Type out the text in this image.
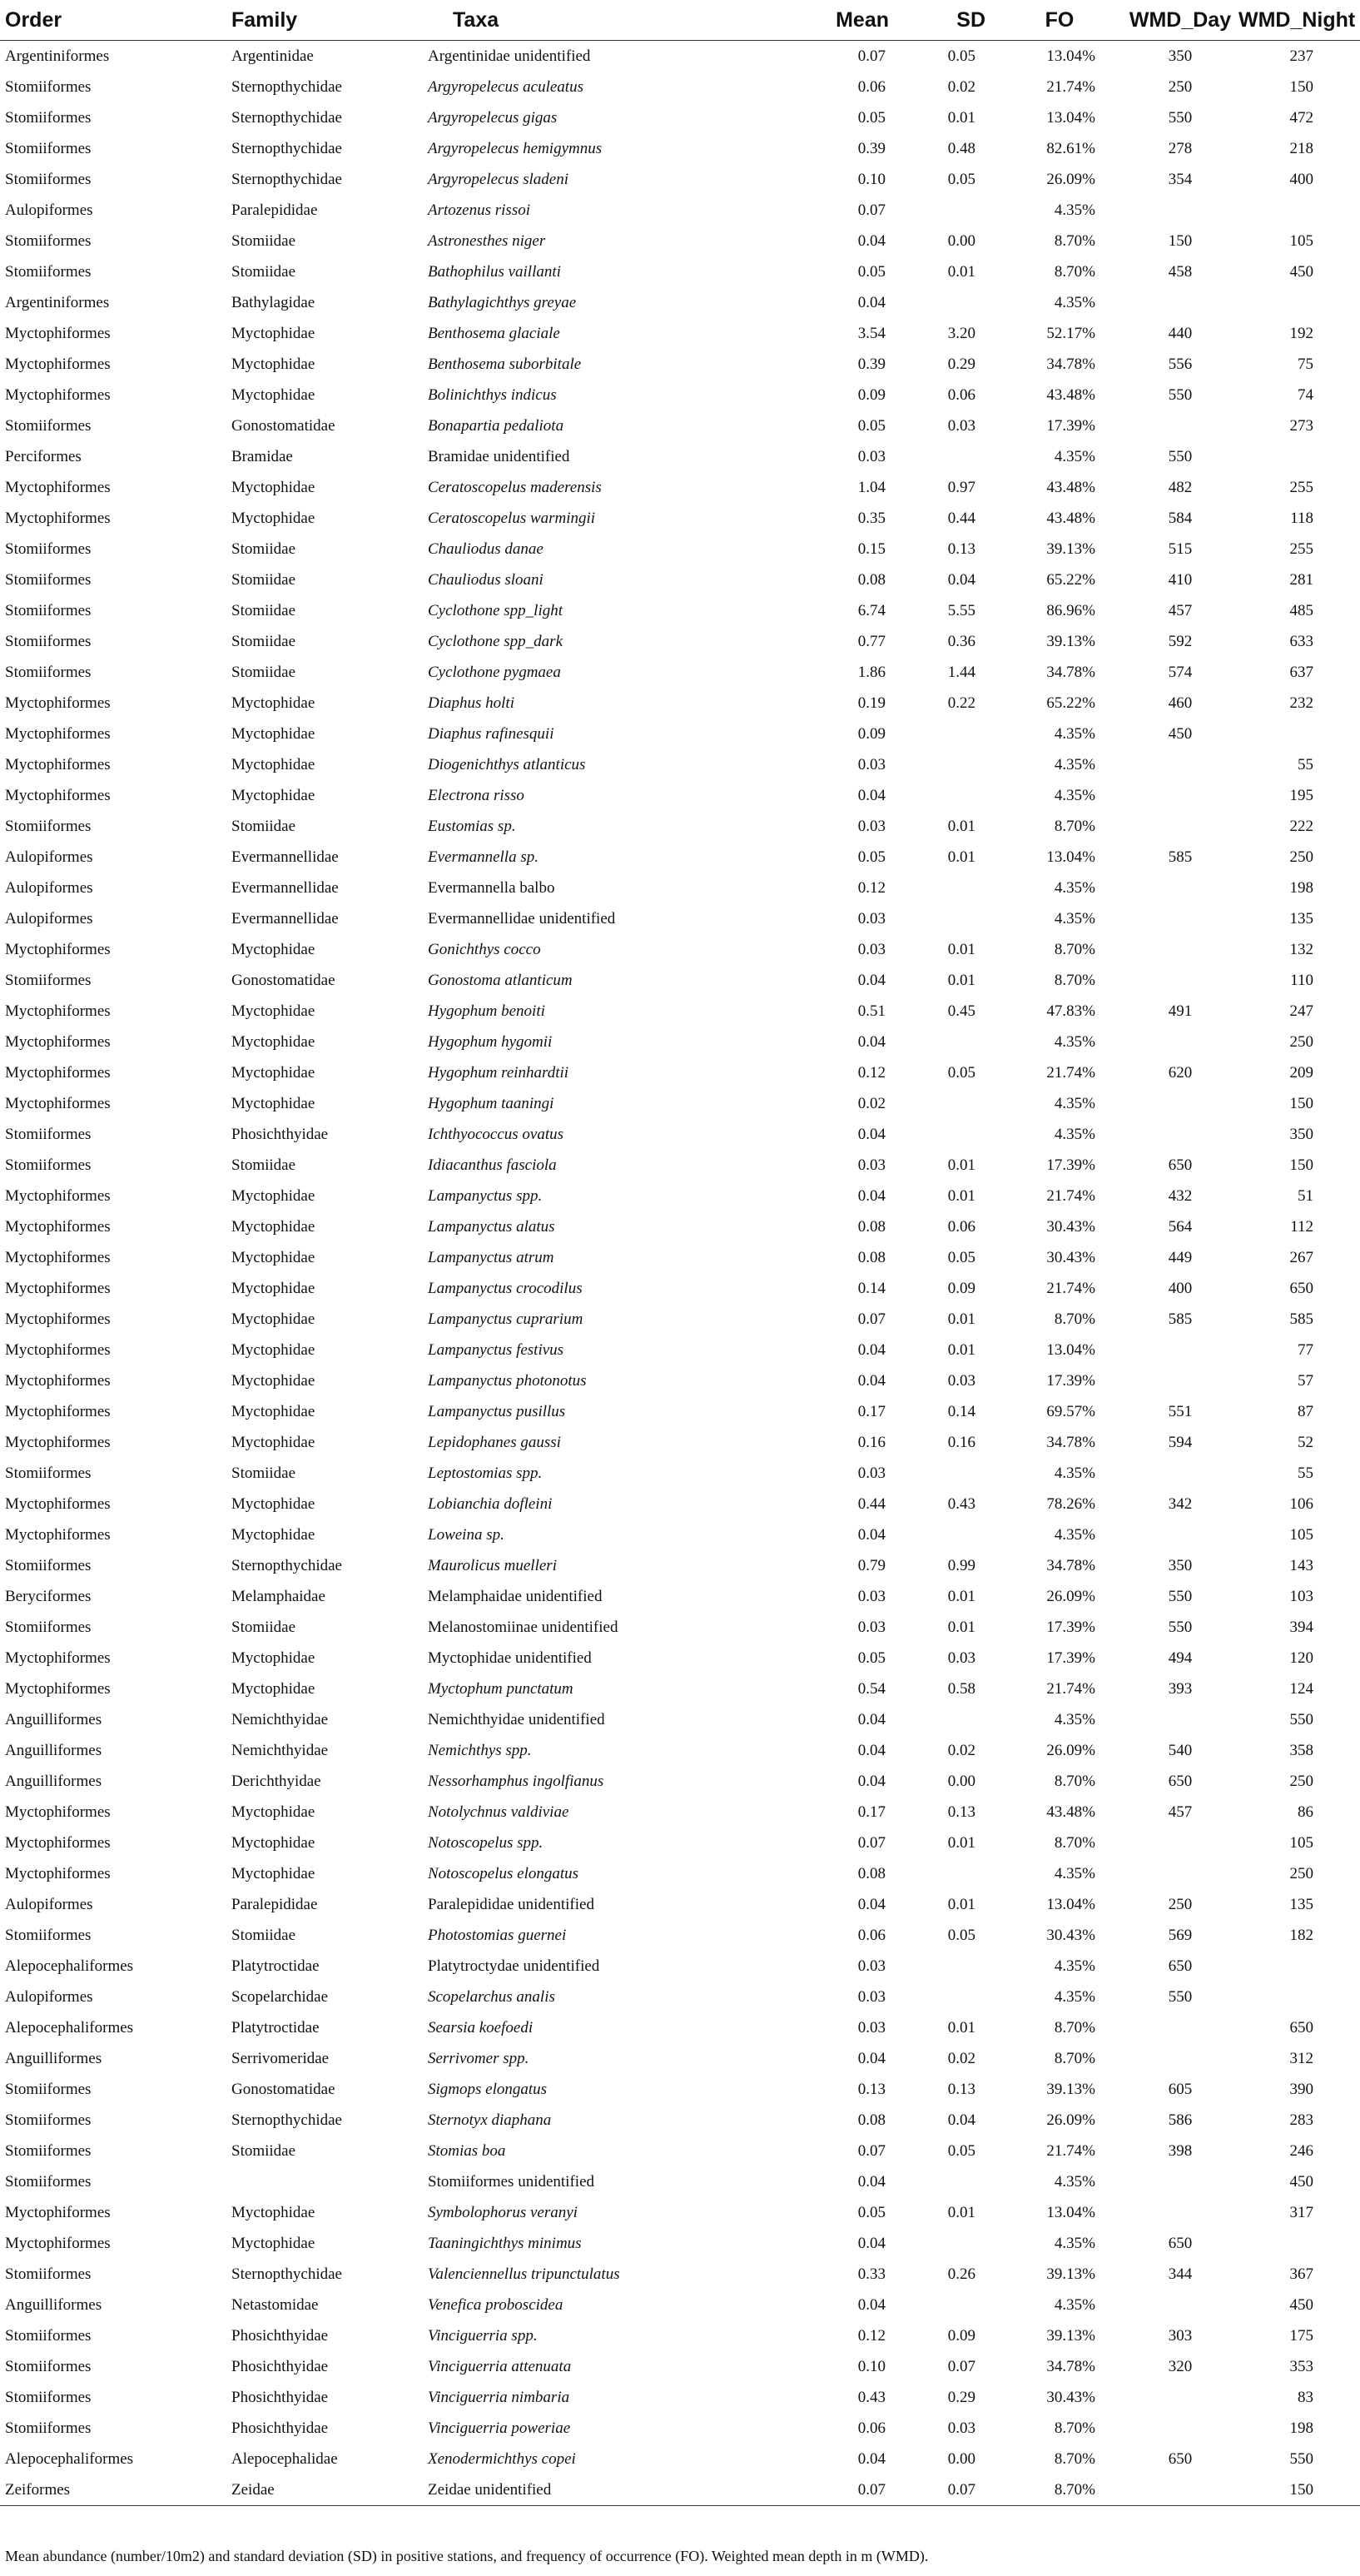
Order	Family	Taxa	Mean	SD	FO	WMD_Day	WMD_Night
Argentiniformes	Argentinidae	Argentinidae unidentified	0.07	0.05	13.04%	350	237
Stomiiformes	Sternopthychidae	Argyropelecus aculeatus	0.06	0.02	21.74%	250	150
Stomiiformes	Sternopthychidae	Argyropelecus gigas	0.05	0.01	13.04%	550	472
Stomiiformes	Sternopthychidae	Argyropelecus hemigymnus	0.39	0.48	82.61%	278	218
Stomiiformes	Sternopthychidae	Argyropelecus sladeni	0.10	0.05	26.09%	354	400
Aulopiformes	Paralepididae	Artozenus rissoi	0.07		4.35%		
Stomiiformes	Stomiidae	Astronesthes niger	0.04	0.00	8.70%	150	105
Stomiiformes	Stomiidae	Bathophilus vaillanti	0.05	0.01	8.70%	458	450
Argentiniformes	Bathylagidae	Bathylagichthys greyae	0.04		4.35%		
Myctophiformes	Myctophidae	Benthosema glaciale	3.54	3.20	52.17%	440	192
Myctophiformes	Myctophidae	Benthosema suborbitale	0.39	0.29	34.78%	556	75
Myctophiformes	Myctophidae	Bolinichthys indicus	0.09	0.06	43.48%	550	74
Stomiiformes	Gonostomatidae	Bonapartia pedaliota	0.05	0.03	17.39%		273
Perciformes	Bramidae	Bramidae unidentified	0.03		4.35%	550	
Myctophiformes	Myctophidae	Ceratoscopelus maderensis	1.04	0.97	43.48%	482	255
Myctophiformes	Myctophidae	Ceratoscopelus warmingii	0.35	0.44	43.48%	584	118
Stomiiformes	Stomiidae	Chauliodus danae	0.15	0.13	39.13%	515	255
Stomiiformes	Stomiidae	Chauliodus sloani	0.08	0.04	65.22%	410	281
Stomiiformes	Stomiidae	Cyclothone spp_light	6.74	5.55	86.96%	457	485
Stomiiformes	Stomiidae	Cyclothone spp_dark	0.77	0.36	39.13%	592	633
Stomiiformes	Stomiidae	Cyclothone pygmaea	1.86	1.44	34.78%	574	637
Myctophiformes	Myctophidae	Diaphus holti	0.19	0.22	65.22%	460	232
Myctophiformes	Myctophidae	Diaphus rafinesquii	0.09		4.35%	450	
Myctophiformes	Myctophidae	Diogenichthys atlanticus	0.03		4.35%		55
Myctophiformes	Myctophidae	Electrona risso	0.04		4.35%		195
Stomiiformes	Stomiidae	Eustomias sp.	0.03	0.01	8.70%		222
Aulopiformes	Evermannellidae	Evermannella sp.	0.05	0.01	13.04%	585	250
Aulopiformes	Evermannellidae	Evermannella balbo	0.12		4.35%		198
Aulopiformes	Evermannellidae	Evermannellidae unidentified	0.03		4.35%		135
Myctophiformes	Myctophidae	Gonichthys cocco	0.03	0.01	8.70%		132
Stomiiformes	Gonostomatidae	Gonostoma atlanticum	0.04	0.01	8.70%		110
Myctophiformes	Myctophidae	Hygophum benoiti	0.51	0.45	47.83%	491	247
Myctophiformes	Myctophidae	Hygophum hygomii	0.04		4.35%		250
Myctophiformes	Myctophidae	Hygophum reinhardtii	0.12	0.05	21.74%	620	209
Myctophiformes	Myctophidae	Hygophum taaningi	0.02		4.35%		150
Stomiiformes	Phosichthyidae	Ichthyococcus ovatus	0.04		4.35%		350
Stomiiformes	Stomiidae	Idiacanthus fasciola	0.03	0.01	17.39%	650	150
Myctophiformes	Myctophidae	Lampanyctus spp.	0.04	0.01	21.74%	432	51
Myctophiformes	Myctophidae	Lampanyctus alatus	0.08	0.06	30.43%	564	112
Myctophiformes	Myctophidae	Lampanyctus atrum	0.08	0.05	30.43%	449	267
Myctophiformes	Myctophidae	Lampanyctus crocodilus	0.14	0.09	21.74%	400	650
Myctophiformes	Myctophidae	Lampanyctus cuprarium	0.07	0.01	8.70%	585	585
Myctophiformes	Myctophidae	Lampanyctus festivus	0.04	0.01	13.04%		77
Myctophiformes	Myctophidae	Lampanyctus photonotus	0.04	0.03	17.39%		57
Myctophiformes	Myctophidae	Lampanyctus pusillus	0.17	0.14	69.57%	551	87
Myctophiformes	Myctophidae	Lepidophanes gaussi	0.16	0.16	34.78%	594	52
Stomiiformes	Stomiidae	Leptostomias spp.	0.03		4.35%		55
Myctophiformes	Myctophidae	Lobianchia dofleini	0.44	0.43	78.26%	342	106
Myctophiformes	Myctophidae	Loweina sp.	0.04		4.35%		105
Stomiiformes	Sternopthychidae	Maurolicus muelleri	0.79	0.99	34.78%	350	143
Beryciformes	Melamphaidae	Melamphaidae unidentified	0.03	0.01	26.09%	550	103
Stomiiformes	Stomiidae	Melanostomiinae unidentified	0.03	0.01	17.39%	550	394
Myctophiformes	Myctophidae	Myctophidae unidentified	0.05	0.03	17.39%	494	120
Myctophiformes	Myctophidae	Myctophum punctatum	0.54	0.58	21.74%	393	124
Anguilliformes	Nemichthyidae	Nemichthyidae unidentified	0.04		4.35%		550
Anguilliformes	Nemichthyidae	Nemichthys spp.	0.04	0.02	26.09%	540	358
Anguilliformes	Derichthyidae	Nessorhamphus ingolfianus	0.04	0.00	8.70%	650	250
Myctophiformes	Myctophidae	Notolychnus valdiviae	0.17	0.13	43.48%	457	86
Myctophiformes	Myctophidae	Notoscopelus spp.	0.07	0.01	8.70%		105
Myctophiformes	Myctophidae	Notoscopelus elongatus	0.08		4.35%		250
Aulopiformes	Paralepididae	Paralepididae unidentified	0.04	0.01	13.04%	250	135
Stomiiformes	Stomiidae	Photostomias guernei	0.06	0.05	30.43%	569	182
Alepocephaliformes	Platytroctidae	Platytroctydae unidentified	0.03		4.35%	650	
Aulopiformes	Scopelarchidae	Scopelarchus analis	0.03		4.35%	550	
Alepocephaliformes	Platytroctidae	Searsia koefoedi	0.03	0.01	8.70%		650
Anguilliformes	Serrivomeridae	Serrivomer spp.	0.04	0.02	8.70%		312
Stomiiformes	Gonostomatidae	Sigmops elongatus	0.13	0.13	39.13%	605	390
Stomiiformes	Sternopthychidae	Sternotyx diaphana	0.08	0.04	26.09%	586	283
Stomiiformes	Stomiidae	Stomias boa	0.07	0.05	21.74%	398	246
Stomiiformes		Stomiiformes unidentified	0.04		4.35%		450
Myctophiformes	Myctophidae	Symbolophorus veranyi	0.05	0.01	13.04%		317
Myctophiformes	Myctophidae	Taaningichthys minimus	0.04		4.35%	650	
Stomiiformes	Sternopthychidae	Valenciennellus tripunctulatus	0.33	0.26	39.13%	344	367
Anguilliformes	Netastomidae	Venefica proboscidea	0.04		4.35%		450
Stomiiformes	Phosichthyidae	Vinciguerria spp.	0.12	0.09	39.13%	303	175
Stomiiformes	Phosichthyidae	Vinciguerria attenuata	0.10	0.07	34.78%	320	353
Stomiiformes	Phosichthyidae	Vinciguerria nimbaria	0.43	0.29	30.43%		83
Stomiiformes	Phosichthyidae	Vinciguerria poweriae	0.06	0.03	8.70%		198
Alepocephaliformes	Alepocephalidae	Xenodermichthys copei	0.04	0.00	8.70%	650	550
Zeiformes	Zeidae	Zeidae unidentified	0.07	0.07	8.70%		150
Mean abundance (number/10m2) and standard deviation (SD) in positive stations, and frequency of occurrence (FO). Weighted mean depth in m (WMD).
